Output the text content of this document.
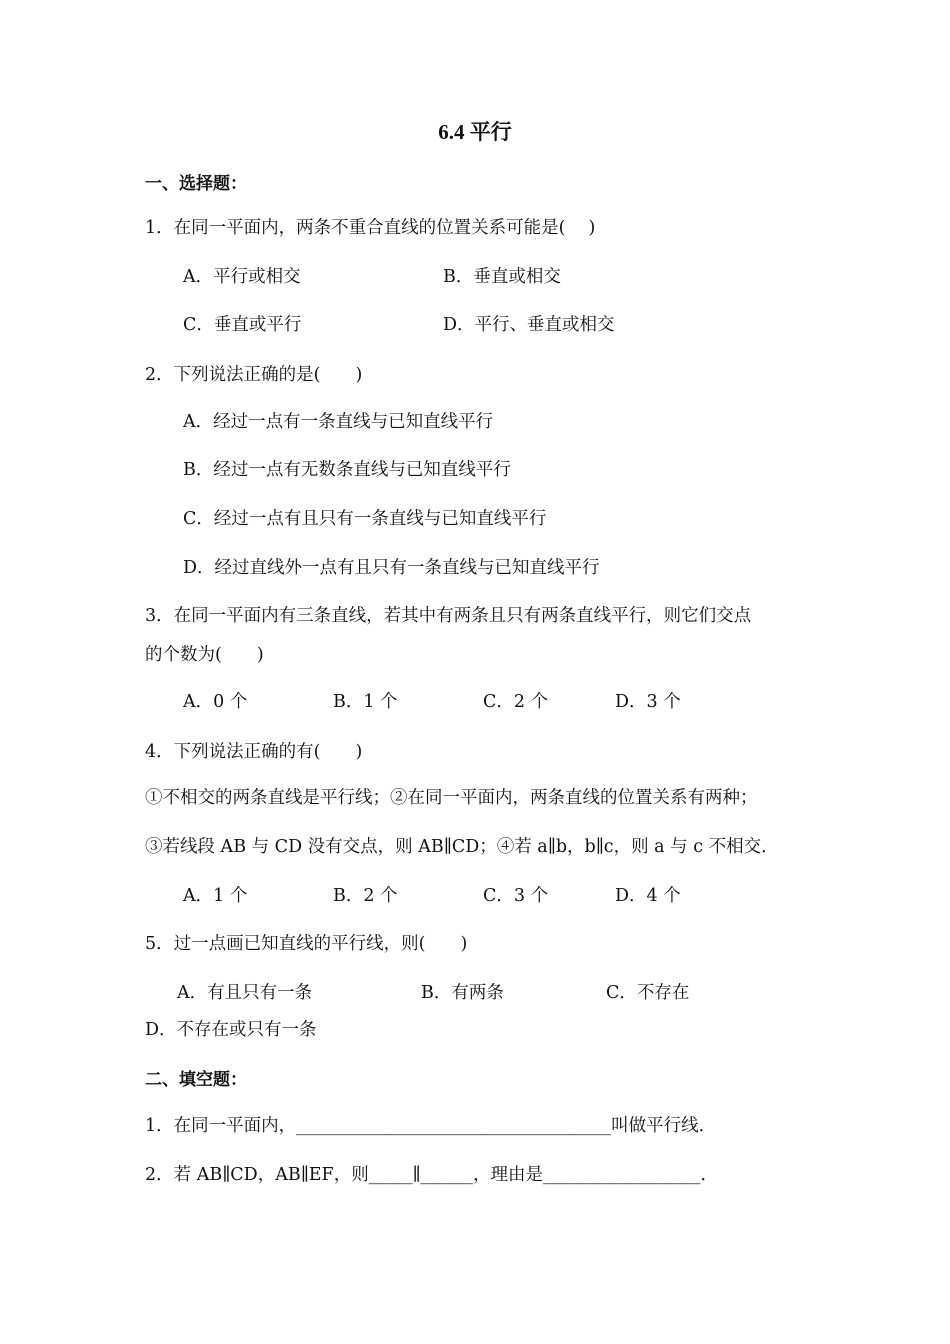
6.4 平行
一、选择题：
1．在同一平面内，两条不重合直线的位置关系可能是(　 )
A．平行或相交	B．垂直或相交
C．垂直或平行	D．平行、垂直或相交
2．下列说法正确的是(　　)
A．经过一点有一条直线与已知直线平行
B．经过一点有无数条直线与已知直线平行
C．经过一点有且只有一条直线与已知直线平行
D．经过直线外一点有且只有一条直线与已知直线平行
3．在同一平面内有三条直线，若其中有两条且只有两条直线平行，则它们交点
的个数为(　　)
A．0 个	B．1 个	C．2 个	D．3 个
4．下列说法正确的有(　　)
①不相交的两条直线是平行线；②在同一平面内，两条直线的位置关系有两种；
③若线段 AB 与 CD 没有交点，则 AB∥CD；④若 a∥b，b∥c，则 a 与 c 不相交．
A．1 个	B．2 个	C．3 个	D．4 个
5．过一点画已知直线的平行线，则(　　)
A．有且只有一条	B．有两条	C．不存在
D．不存在或只有一条
二、填空题：
1．在同一平面内，____________________________________叫做平行线．
2．若 AB∥CD，AB∥EF，则_____∥______，理由是__________________．
